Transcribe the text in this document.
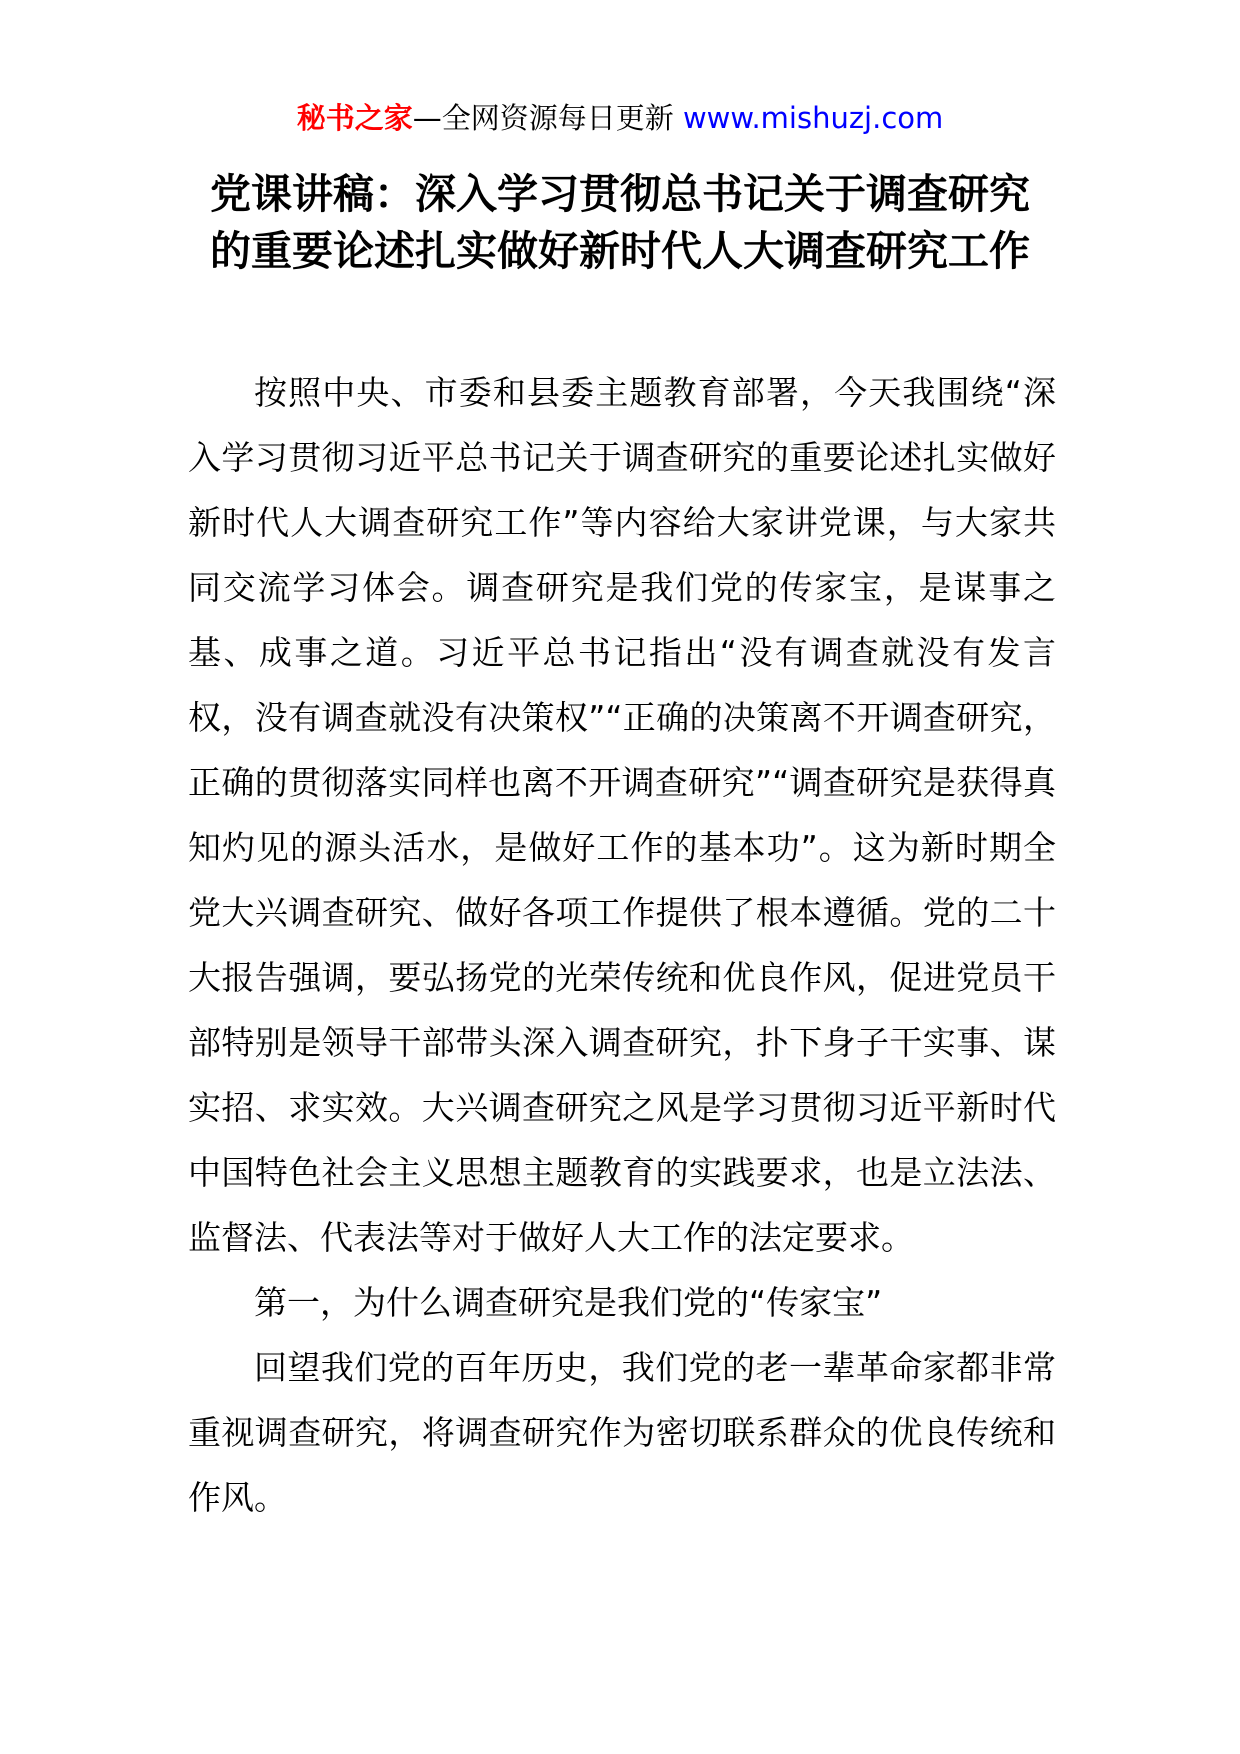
秘书之家—全网资源每日更新 www.mishuzj.com
党课讲稿：深入学习贯彻总书记关于调查研究
的重要论述扎实做好新时代人大调查研究工作

按照中央、市委和县委主题教育部署，今天我围绕“深入学习贯彻习近平总书记关于调查研究的重要论述扎实做好新时代人大调查研究工作”等内容给大家讲党课，与大家共同交流学习体会。调查研究是我们党的传家宝，是谋事之基、成事之道。习近平总书记指出“没有调查就没有发言权，没有调查就没有决策权”“正确的决策离不开调查研究，正确的贯彻落实同样也离不开调查研究”“调查研究是获得真知灼见的源头活水，是做好工作的基本功”。这为新时期全党大兴调查研究、做好各项工作提供了根本遵循。党的二十大报告强调，要弘扬党的光荣传统和优良作风，促进党员干部特别是领导干部带头深入调查研究，扑下身子干实事、谋实招、求实效。大兴调查研究之风是学习贯彻习近平新时代中国特色社会主义思想主题教育的实践要求，也是立法法、监督法、代表法等对于做好人大工作的法定要求。

第一，为什么调查研究是我们党的“传家宝”

回望我们党的百年历史，我们党的老一辈革命家都非常重视调查研究，将调查研究作为密切联系群众的优良传统和作风。
